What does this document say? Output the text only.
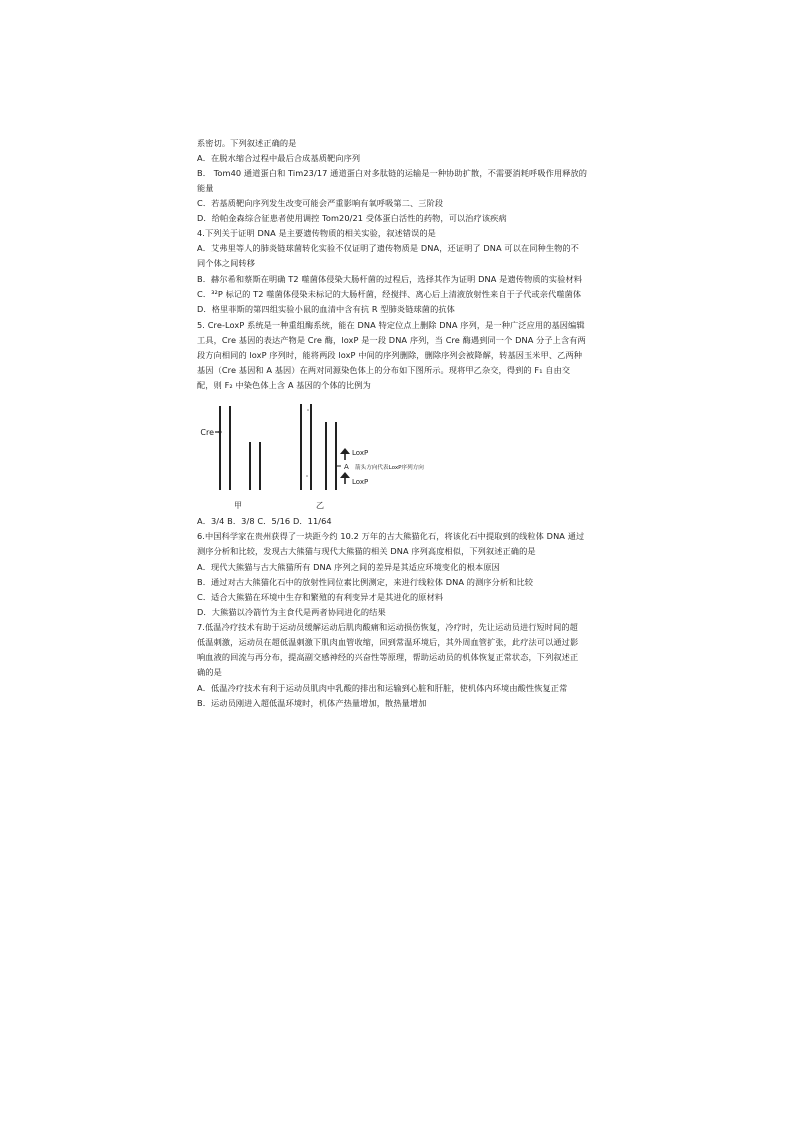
系密切。下列叙述正确的是
A．在脱水缩合过程中最后合成基质靶向序列
B． Tom40 通道蛋白和 Tim23/17 通道蛋白对多肽链的运输是一种协助扩散，不需要消耗呼吸作用释放的
能量
C．若基质靶向序列发生改变可能会严重影响有氧呼吸第二、三阶段
D．给帕金森综合征患者使用调控 Tom20/21 受体蛋白活性的药物，可以治疗该疾病
4.下列关于证明 DNA 是主要遗传物质的相关实验，叙述错误的是
A．艾弗里等人的肺炎链球菌转化实验不仅证明了遗传物质是 DNA，还证明了 DNA 可以在同种生物的不
同个体之间转移
B．赫尔希和蔡斯在明确 T2 噬菌体侵染大肠杆菌的过程后，选择其作为证明 DNA 是遗传物质的实验材料
C．³²P 标记的 T2 噬菌体侵染未标记的大肠杆菌，经搅拌、离心后上清液放射性来自于子代或亲代噬菌体
D．格里菲斯的第四组实验小鼠的血清中含有抗 R 型肺炎链球菌的抗体
5. Cre-LoxP 系统是一种重组酶系统，能在 DNA 特定位点上删除 DNA 序列，是一种广泛应用的基因编辑
工具，Cre 基因的表达产物是 Cre 酶，loxP 是一段 DNA 序列，当 Cre 酶遇到同一个 DNA 分子上含有两
段方向相同的 loxP 序列时，能将两段 loxP 中间的序列删除，删除序列会被降解，转基因玉米甲、乙两种
基因（Cre 基因和 A 基因）在两对同源染色体上的分布如下图所示。现将甲乙杂交，得到的 F₁ 自由交
配，则 F₂ 中染色体上含 A 基因的个体的比例为
Cre
LoxP
A 箭头方向代表LoxP序列方向
LoxP
甲	乙
A．3/4 B．3/8 C．5/16 D．11/64
6.中国科学家在贵州获得了一块距今约 10.2 万年的古大熊猫化石，将该化石中提取到的线粒体 DNA 通过
测序分析和比较，发现古大熊猫与现代大熊猫的相关 DNA 序列高度相似，下列叙述正确的是
A．现代大熊猫与古大熊猫所有 DNA 序列之间的差异是其适应环境变化的根本原因
B．通过对古大熊猫化石中的放射性同位素比例测定，来进行线粒体 DNA 的测序分析和比较
C．适合大熊猫在环境中生存和繁殖的有利变异才是其进化的原材料
D．大熊猫以冷箭竹为主食代是两者协同进化的结果
7.低温冷疗技术有助于运动员缓解运动后肌肉酸痛和运动损伤恢复，冷疗时，先让运动员进行短时间的超
低温刺激，运动员在超低温刺激下肌肉血管收缩，回到常温环境后，其外周血管扩张，此疗法可以通过影
响血液的回流与再分布，提高副交感神经的兴奋性等原理，帮助运动员的机体恢复正常状态，下列叙述正
确的是
A．低温冷疗技术有利于运动员肌肉中乳酸的排出和运输到心脏和肝脏，使机体内环境由酸性恢复正常
B．运动员刚进入超低温环境时，机体产热量增加，散热量增加
